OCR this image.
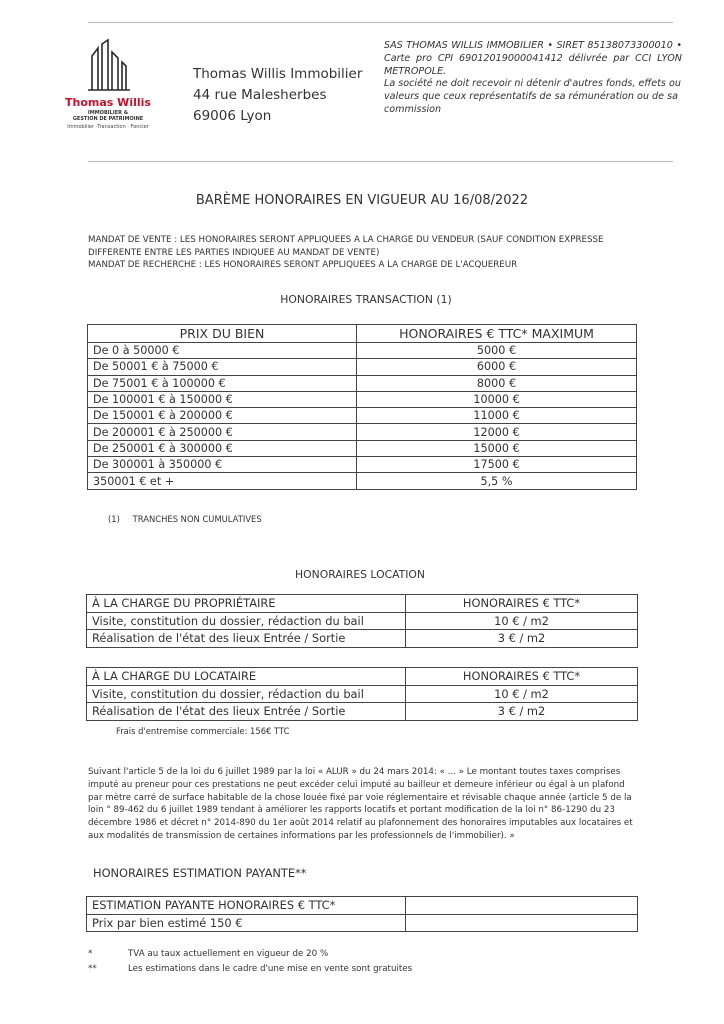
Thomas Willis
IMMOBILIER &
GESTION DE PATRIMOINE
Immobilier ·Transaction · Foncier
Thomas Willis Immobilier
44 rue Malesherbes
69006 Lyon
SAS THOMAS WILLIS IMMOBILIER • SIRET 85138073300010 • Carte pro CPI 69012019000041412 délivrée par CCI LYON METROPOLE.
La société ne doit recevoir ni détenir d'autres fonds, effets ou valeurs que ceux représentatifs de sa rémunération ou de sa commission
BARÈME HONORAIRES EN VIGUEUR AU 16/08/2022
MANDAT DE VENTE : LES HONORAIRES SERONT APPLIQUEES A LA CHARGE DU VENDEUR (SAUF CONDITION EXPRESSE DIFFERENTE ENTRE LES PARTIES INDIQUEE AU MANDAT DE VENTE)
MANDAT DE RECHERCHE : LES HONORAIRES SERONT APPLIQUEES A LA CHARGE DE L'ACQUEREUR
HONORAIRES TRANSACTION (1)
PRIX DU BIEN	HONORAIRES € TTC* MAXIMUM
De 0 à 50000 €	5000 €
De 50001 € à 75000 €	6000 €
De 75001 € à 100000 €	8000 €
De 100001 € à 150000 €	10000 €
De 150001 € à 200000 €	11000 €
De 200001 € à 250000 €	12000 €
De 250001 € à 300000 €	15000 €
De 300001 à 350000 €	17500 €
350001 € et +	5,5 %
(1) TRANCHES NON CUMULATIVES
HONORAIRES LOCATION
À LA CHARGE DU PROPRIÉTAIRE	HONORAIRES € TTC*
Visite, constitution du dossier, rédaction du bail	10 € / m2
Réalisation de l'état des lieux Entrée / Sortie	3 € / m2
À LA CHARGE DU LOCATAIRE	HONORAIRES € TTC*
Visite, constitution du dossier, rédaction du bail	10 € / m2
Réalisation de l'état des lieux Entrée / Sortie	3 € / m2
Frais d'entremise commerciale: 156€ TTC
Suivant l'article 5 de la loi du 6 juillet 1989 par la loi « ALUR » du 24 mars 2014: « ... » Le montant toutes taxes comprises imputé au preneur pour ces prestations ne peut excéder celui imputé au bailleur et demeure inférieur ou égal à un plafond par mètre carré de surface habitable de la chose louée fixé par voie réglementaire et révisable chaque année (article 5 de la loin ° 89-462 du 6 juillet 1989 tendant à améliorer les rapports locatifs et portant modification de la loi n° 86-1290 du 23 décembre 1986 et décret n° 2014-890 du 1er août 2014 relatif au plafonnement des honoraires imputables aux locataires et aux modalités de transmission de certaines informations par les professionnels de l'immobilier). »
HONORAIRES ESTIMATION PAYANTE**
ESTIMATION PAYANTE HONORAIRES € TTC*	
Prix par bien estimé 150 €	
*	TVA au taux actuellement en vigueur de 20 %
**	Les estimations dans le cadre d'une mise en vente sont gratuites
